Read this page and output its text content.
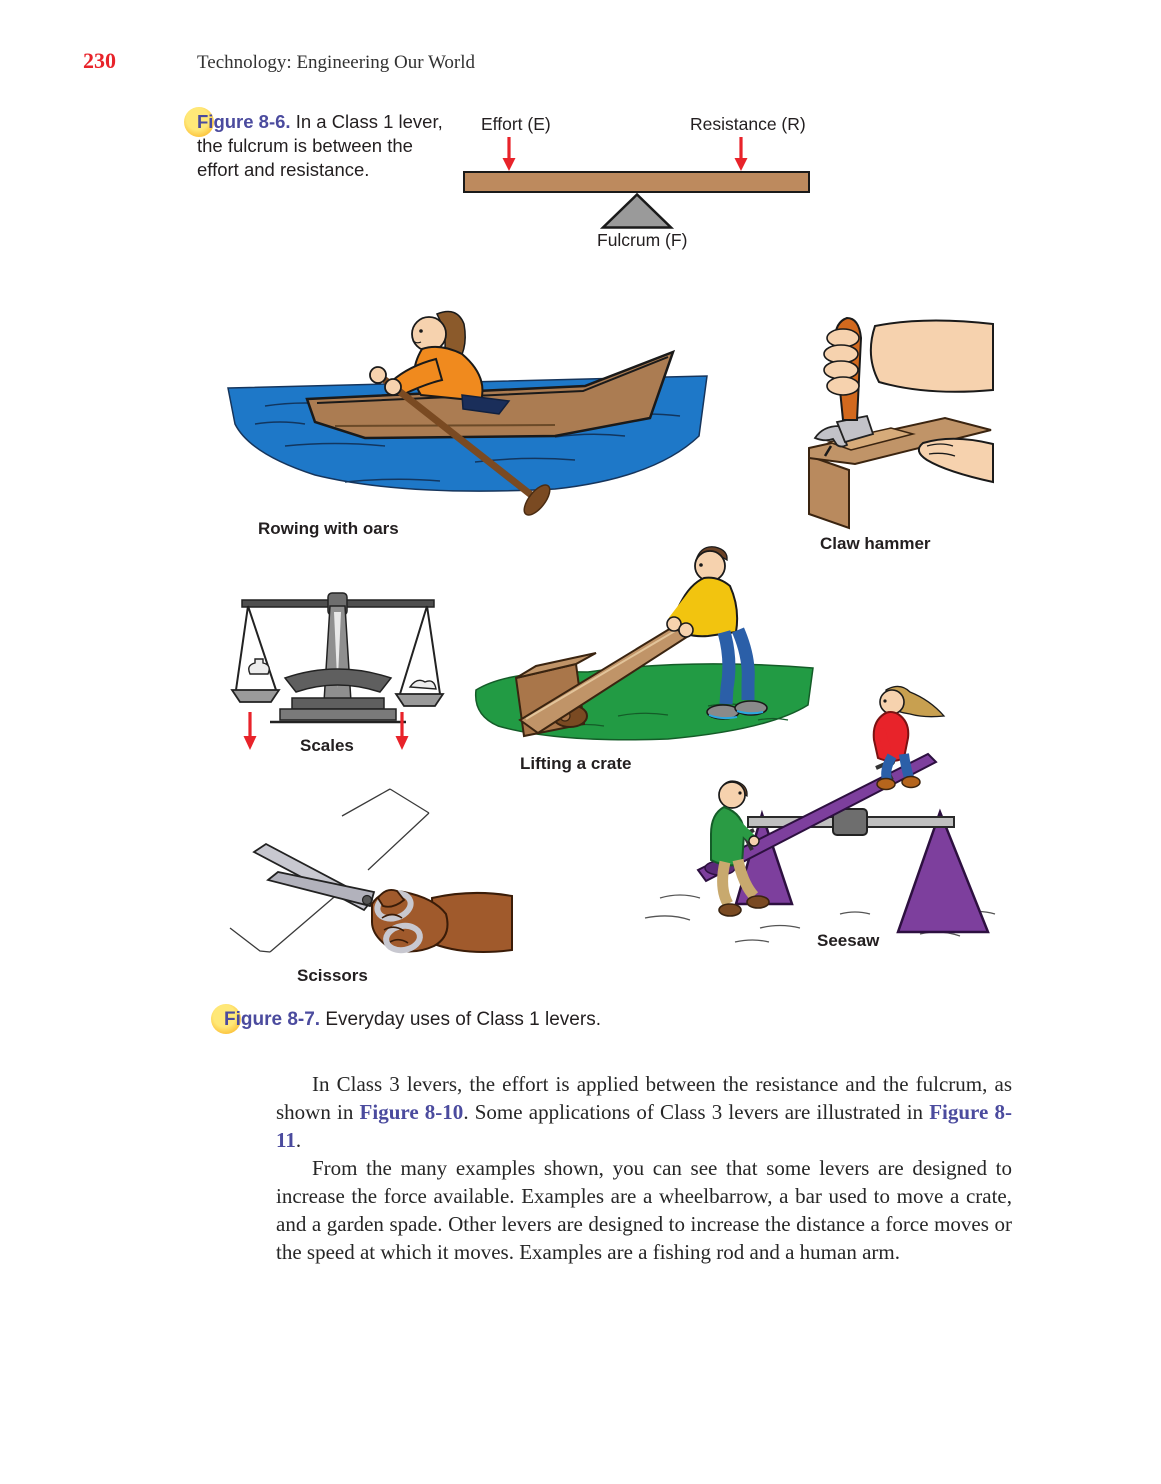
230	Technology: Engineering Our World
Figure 8-6. In a Class 1 lever, the fulcrum is between the effort and resistance.
Effort (E)	Resistance (R)
Fulcrum (F)
Rowing with oars
Claw hammer
Scales
Lifting a crate
Seesaw
Scissors
Figure 8-7. Everyday uses of Class 1 levers.

In Class 3 levers, the effort is applied between the resistance and the fulcrum, as shown in Figure 8-10. Some applications of Class 3 levers are illustrated in Figure 8-11.

From the many examples shown, you can see that some levers are designed to increase the force available. Examples are a wheelbarrow, a bar used to move a crate, and a garden spade. Other levers are designed to increase the distance a force moves or the speed at which it moves. Examples are a fishing rod and a human arm.
